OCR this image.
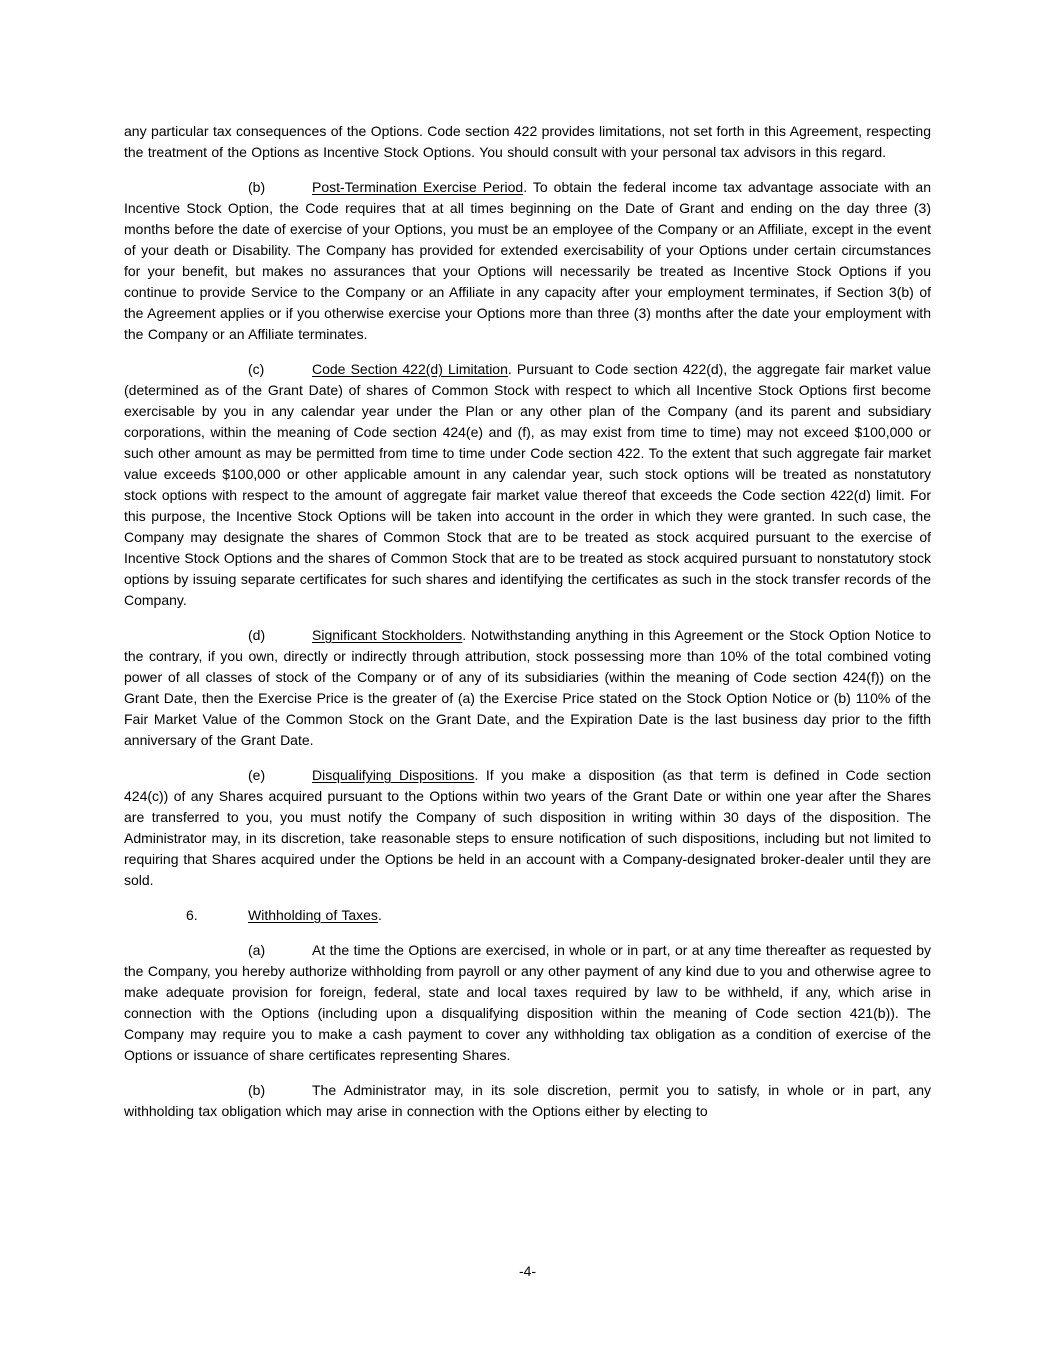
any particular tax consequences of the Options. Code section 422 provides limitations, not set forth in this Agreement, respecting the treatment of the Options as Incentive Stock Options. You should consult with your personal tax advisors in this regard.

(b)	Post-Termination Exercise Period. To obtain the federal income tax advantage associate with an Incentive Stock Option, the Code requires that at all times beginning on the Date of Grant and ending on the day three (3) months before the date of exercise of your Options, you must be an employee of the Company or an Affiliate, except in the event of your death or Disability. The Company has provided for extended exercisability of your Options under certain circumstances for your benefit, but makes no assurances that your Options will necessarily be treated as Incentive Stock Options if you continue to provide Service to the Company or an Affiliate in any capacity after your employment terminates, if Section 3(b) of the Agreement applies or if you otherwise exercise your Options more than three (3) months after the date your employment with the Company or an Affiliate terminates.

(c)	Code Section 422(d) Limitation. Pursuant to Code section 422(d), the aggregate fair market value (determined as of the Grant Date) of shares of Common Stock with respect to which all Incentive Stock Options first become exercisable by you in any calendar year under the Plan or any other plan of the Company (and its parent and subsidiary corporations, within the meaning of Code section 424(e) and (f), as may exist from time to time) may not exceed $100,000 or such other amount as may be permitted from time to time under Code section 422. To the extent that such aggregate fair market value exceeds $100,000 or other applicable amount in any calendar year, such stock options will be treated as nonstatutory stock options with respect to the amount of aggregate fair market value thereof that exceeds the Code section 422(d) limit. For this purpose, the Incentive Stock Options will be taken into account in the order in which they were granted. In such case, the Company may designate the shares of Common Stock that are to be treated as stock acquired pursuant to the exercise of Incentive Stock Options and the shares of Common Stock that are to be treated as stock acquired pursuant to nonstatutory stock options by issuing separate certificates for such shares and identifying the certificates as such in the stock transfer records of the Company.

(d)	Significant Stockholders. Notwithstanding anything in this Agreement or the Stock Option Notice to the contrary, if you own, directly or indirectly through attribution, stock possessing more than 10% of the total combined voting power of all classes of stock of the Company or of any of its subsidiaries (within the meaning of Code section 424(f)) on the Grant Date, then the Exercise Price is the greater of (a) the Exercise Price stated on the Stock Option Notice or (b) 110% of the Fair Market Value of the Common Stock on the Grant Date, and the Expiration Date is the last business day prior to the fifth anniversary of the Grant Date.

(e)	Disqualifying Dispositions. If you make a disposition (as that term is defined in Code section 424(c)) of any Shares acquired pursuant to the Options within two years of the Grant Date or within one year after the Shares are transferred to you, you must notify the Company of such disposition in writing within 30 days of the disposition. The Administrator may, in its discretion, take reasonable steps to ensure notification of such dispositions, including but not limited to requiring that Shares acquired under the Options be held in an account with a Company-designated broker-dealer until they are sold.

6.	Withholding of Taxes.

(a)	At the time the Options are exercised, in whole or in part, or at any time thereafter as requested by the Company, you hereby authorize withholding from payroll or any other payment of any kind due to you and otherwise agree to make adequate provision for foreign, federal, state and local taxes required by law to be withheld, if any, which arise in connection with the Options (including upon a disqualifying disposition within the meaning of Code section 421(b)). The Company may require you to make a cash payment to cover any withholding tax obligation as a condition of exercise of the Options or issuance of share certificates representing Shares.

(b)	The Administrator may, in its sole discretion, permit you to satisfy, in whole or in part, any withholding tax obligation which may arise in connection with the Options either by electing to

-4-
